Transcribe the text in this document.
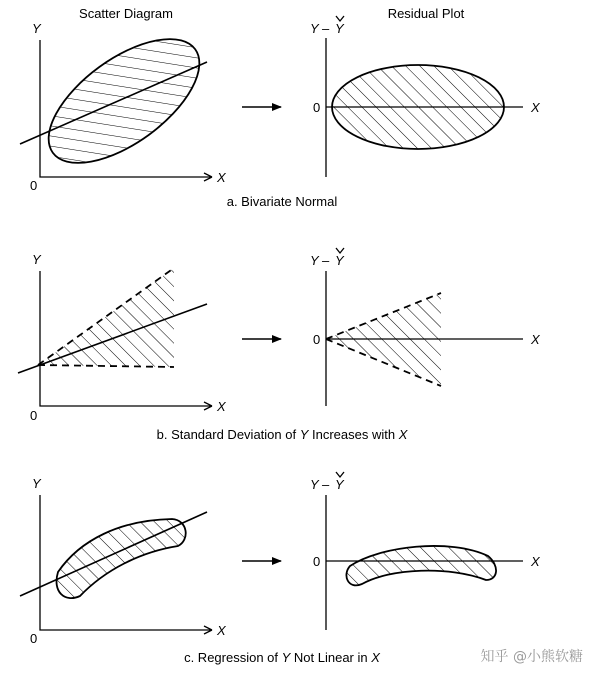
Scatter Diagram	Residual Plot
Y
X
0
Y – Y
0	X
a. Bivariate Normal
Y
X
0
Y – Y
0	X
b. Standard Deviation of Y Increases with X
Y
X
0
Y – Y
0	X
c. Regression of Y Not Linear in X	知乎 @小熊软糖
